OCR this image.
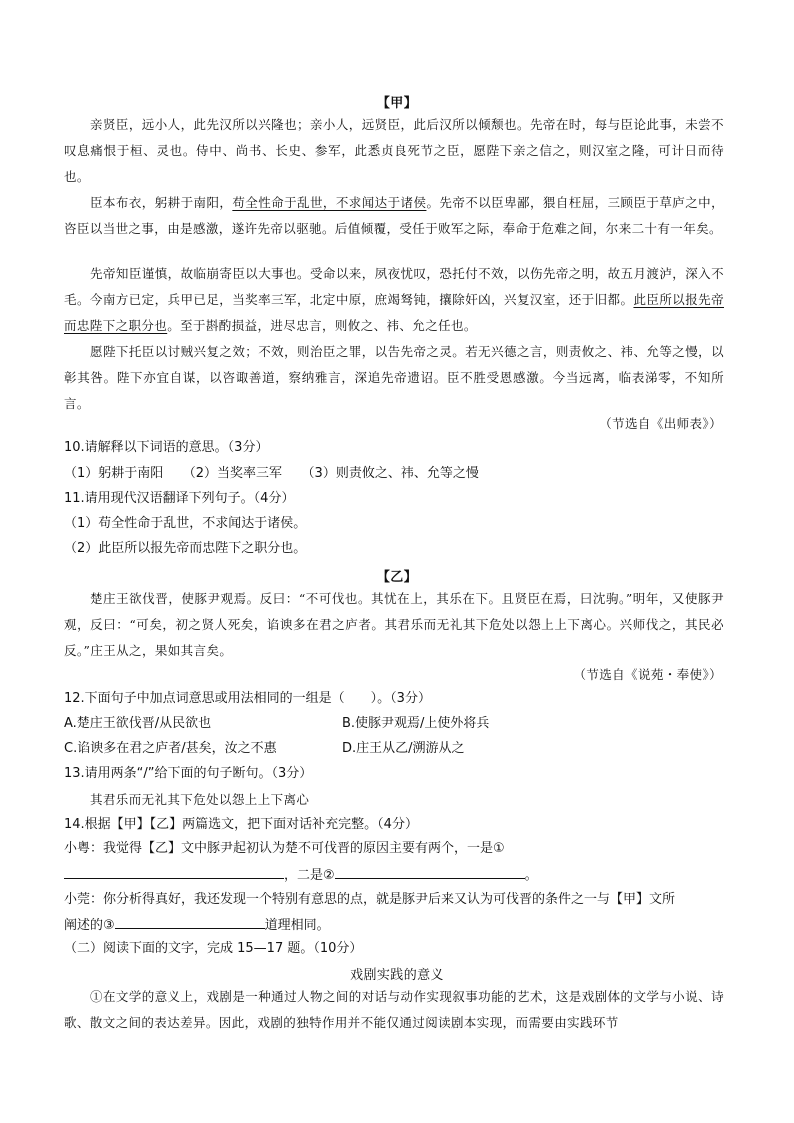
【甲】
亲贤臣，远小人，此先汉所以兴隆也；亲小人，远贤臣，此后汉所以倾颓也。先帝在时，每与臣论此事，未尝不叹息痛恨于桓、灵也。侍中、尚书、长史、参军，此悉贞良死节之臣，愿陛下亲之信之，则汉室之隆，可计日而待也。
臣本布衣，躬耕于南阳，苟全性命于乱世，不求闻达于诸侯。先帝不以臣卑鄙，猥自枉屈，三顾臣于草庐之中，咨臣以当世之事，由是感激，遂许先帝以驱驰。后值倾覆，受任于败军之际，奉命于危难之间，尔来二十有一年矣。
先帝知臣谨慎，故临崩寄臣以大事也。受命以来，夙夜忧叹，恐托付不效，以伤先帝之明，故五月渡泸，深入不毛。今南方已定，兵甲已足，当奖率三军，北定中原，庶竭驽钝，攘除奸凶，兴复汉室，还于旧都。此臣所以报先帝而忠陛下之职分也。至于斟酌损益，进尽忠言，则攸之、祎、允之任也。
愿陛下托臣以讨贼兴复之效；不效，则治臣之罪，以告先帝之灵。若无兴德之言，则责攸之、祎、允等之慢，以彰其咎。陛下亦宜自谋，以咨诹善道，察纳雅言，深追先帝遗诏。臣不胜受恩感激。今当远离，临表涕零，不知所言。
（节选自《出师表》）
10.请解释以下词语的意思。（3分）
（1）躬耕于南阳　　（2）当奖率三军　　（3）则责攸之、祎、允等之慢
11.请用现代汉语翻译下列句子。（4分）
（1）苟全性命于乱世，不求闻达于诸侯。
（2）此臣所以报先帝而忠陛下之职分也。
【乙】
楚庄王欲伐晋，使豚尹观焉。反曰：“不可伐也。其忧在上，其乐在下。且贤臣在焉，曰沈驹。”明年，又使豚尹观，反曰：“可矣，初之贤人死矣，谄谀多在君之庐者。其君乐而无礼其下危处以怨上上下离心。兴师伐之，其民必反。”庄王从之，果如其言矣。
（节选自《说苑・奉使》）
12.下面句子中加点词意思或用法相同的一组是（　　）。（3分）
A.楚庄王欲伐晋/从民欲也	B.使豚尹观焉/上使外将兵
C.谄谀多在君之庐者/甚矣，汝之不惠	D.庄王从乙/溯游从之
13.请用两条“/”给下面的句子断句。（3分）
其君乐而无礼其下危处以怨上上下离心
14.根据【甲】【乙】两篇选文，把下面对话补充完整。（4分）
小粤：我觉得【乙】文中豚尹起初认为楚不可伐晋的原因主要有两个，一是①
，二是②	。
小莞：你分析得真好，我还发现一个特别有意思的点，就是豚尹后来又认为可伐晋的条件之一与【甲】文所
阐述的③	道理相同。
（二）阅读下面的文字，完成 15—17 题。（10分）
戏剧实践的意义
①在文学的意义上，戏剧是一种通过人物之间的对话与动作实现叙事功能的艺术，这是戏剧体的文学与小说、诗歌、散文之间的表达差异。因此，戏剧的独特作用并不能仅通过阅读剧本实现，而需要由实践环节
